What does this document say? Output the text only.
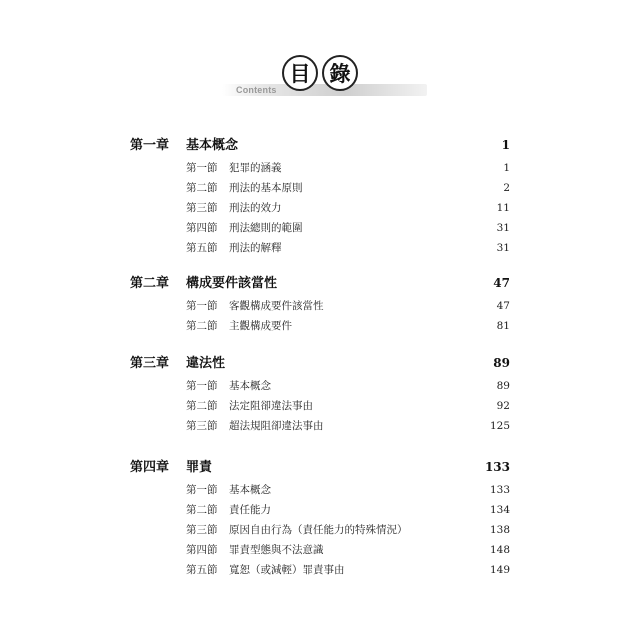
Contents
目 錄
第一章	基本概念	1
第一節	犯罪的涵義	1
第二節	刑法的基本原則	2
第三節	刑法的效力	11
第四節	刑法總則的範圍	31
第五節	刑法的解釋	31
第二章	構成要件該當性	47
第一節	客觀構成要件該當性	47
第二節	主觀構成要件	81
第三章	違法性	89
第一節	基本概念	89
第二節	法定阻卻違法事由	92
第三節	超法規阻卻違法事由	125
第四章	罪責	133
第一節	基本概念	133
第二節	責任能力	134
第三節	原因自由行為（責任能力的特殊情況）	138
第四節	罪責型態與不法意識	148
第五節	寬恕（或減輕）罪責事由	149
